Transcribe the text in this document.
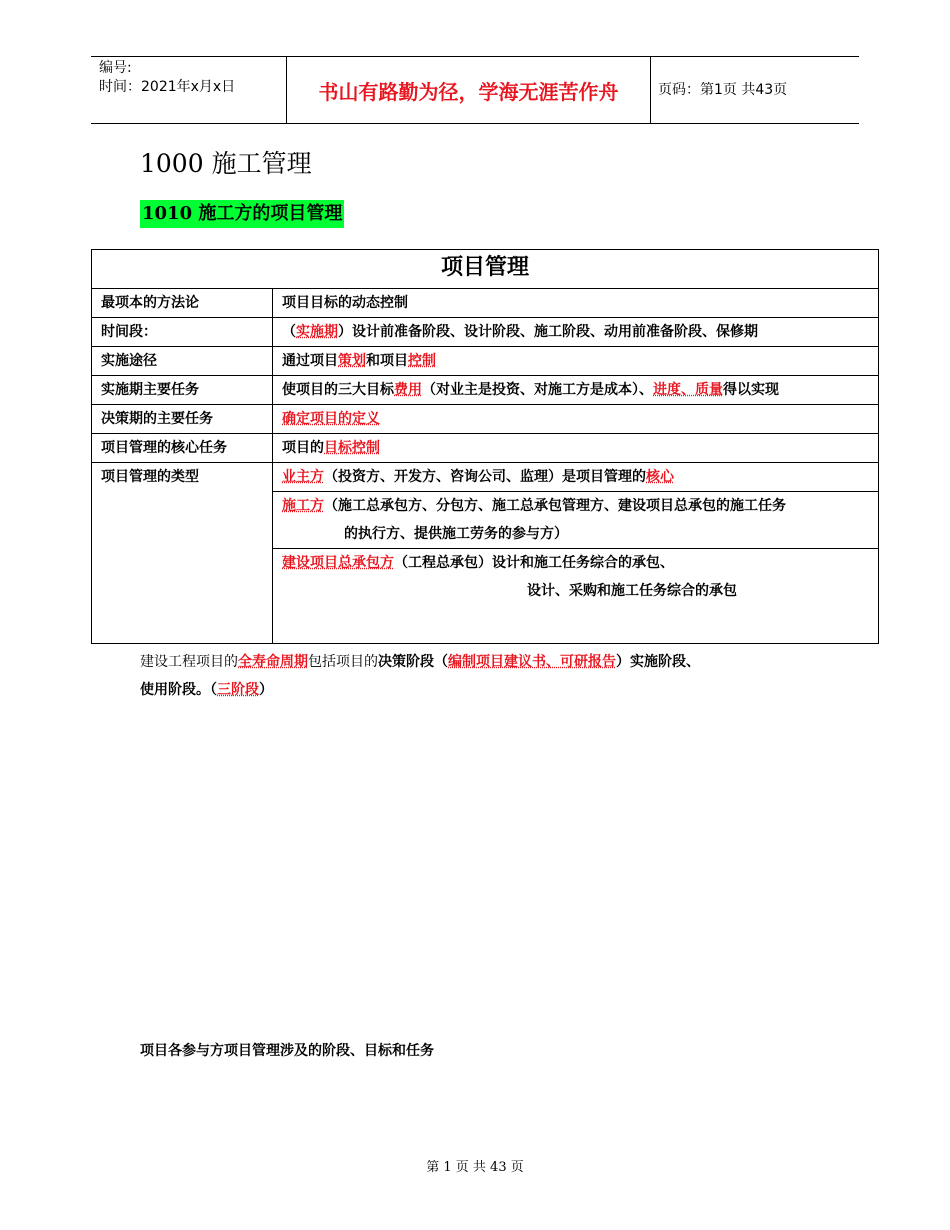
编号:
时间：2021年x月x日	书山有路勤为径，学海无涯苦作舟	页码：第1页 共43页
1000 施工管理
1010 施工方的项目管理
项目管理	
最项本的方法论	项目目标的动态控制
时间段：	（实施期）设计前准备阶段、设计阶段、施工阶段、动用前准备阶段、保修期
实施途径	通过项目策划和项目控制
实施期主要任务	使项目的三大目标费用（对业主是投资、对施工方是成本）、进度、质量得以实现
决策期的主要任务	确定项目的定义
项目管理的核心任务	项目的目标控制
项目管理的类型	业主方（投资方、开发方、咨询公司、监理）是项目管理的核心

	施工方（施工总承包方、分包方、施工总承包管理方、建设项目总承包的施工任务
的执行方、提供施工劳务的参与方）

	建设项目总承包方（工程总承包）设计和施工任务综合的承包、
设计、采购和施工任务综合的承包
建设工程项目的全寿命周期包括项目的决策阶段（编制项目建议书、可研报告）实施阶段、
使用阶段。（三阶段）
项目各参与方项目管理涉及的阶段、目标和任务
第 1 页 共 43 页
